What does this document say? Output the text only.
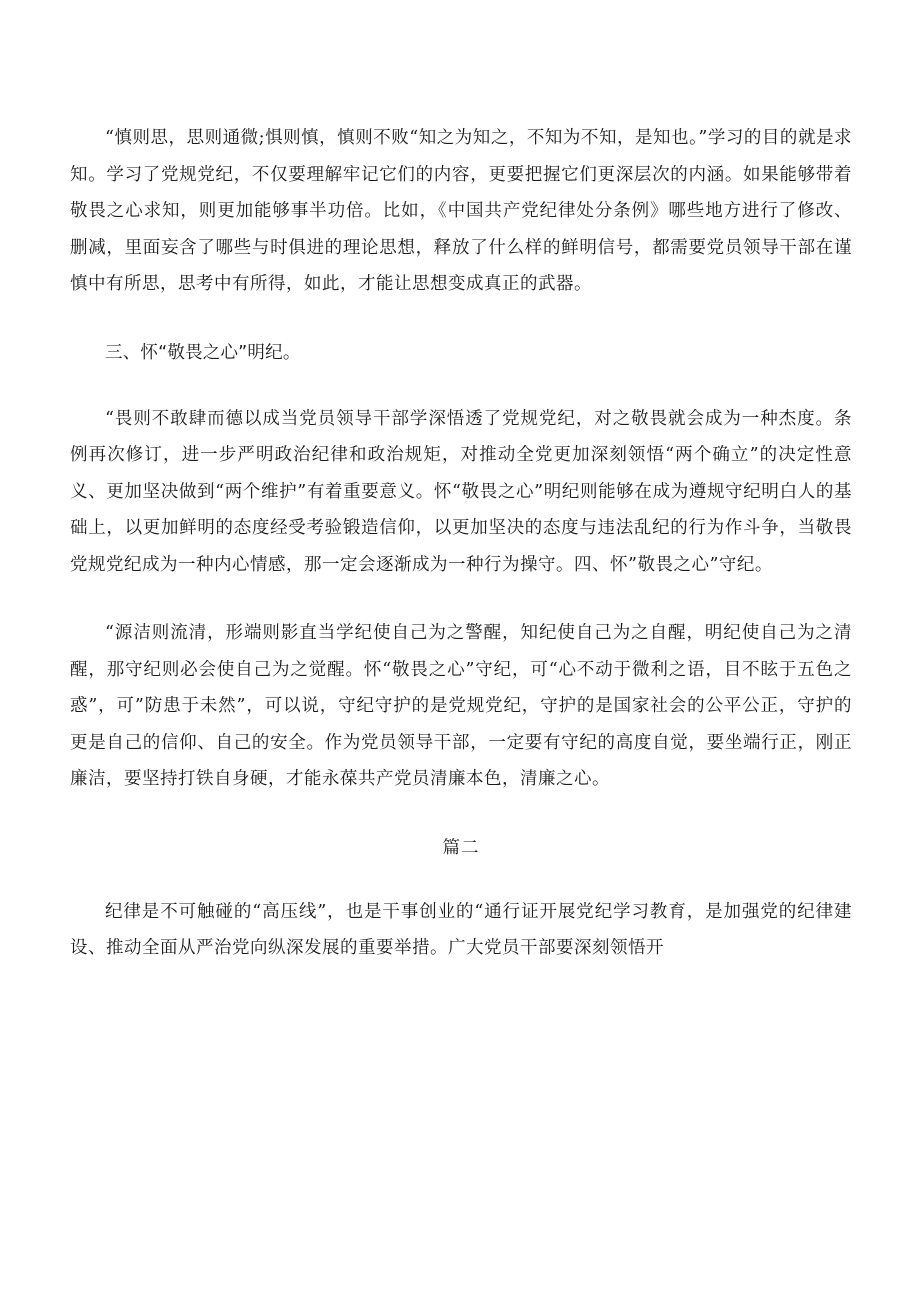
“慎则思，思则通微;惧则慎，慎则不败“知之为知之，不知为不知，是知也。”学习的目的就是求知。学习了党规党纪，不仅要理解牢记它们的内容，更要把握它们更深层次的内涵。如果能够带着敬畏之心求知，则更加能够事半功倍。比如，《中国共产党纪律处分条例》哪些地方进行了修改、删减，里面妄含了哪些与时俱进的理论思想，释放了什么样的鲜明信号，都需要党员领导干部在谨慎中有所思，思考中有所得，如此，才能让思想变成真正的武器。

三、怀“敬畏之心”明纪。

“畏则不敢肆而德以成当党员领导干部学深悟透了党规党纪，对之敬畏就会成为一种杰度。条例再次修订，进一步严明政治纪律和政治规矩，对推动全党更加深刻领悟“两个确立”的决定性意义、更加坚决做到“两个维护”有着重要意义。怀“敬畏之心”明纪则能够在成为遵规守纪明白人的基础上，以更加鲜明的态度经受考验锻造信仰，以更加坚决的态度与违法乱纪的行为作斗争，当敬畏党规党纪成为一种内心情感，那一定会逐渐成为一种行为操守。四、怀”敬畏之心”守纪。

“源洁则流清，形端则影直当学纪使自己为之警醒，知纪使自己为之自醒，明纪使自己为之清醒，那守纪则必会使自己为之觉醒。怀“敬畏之心”守纪，可“心不动于微利之语，目不眩于五色之惑”，可”防患于未然”，可以说，守纪守护的是党规党纪，守护的是国家社会的公平公正，守护的更是自己的信仰、自己的安全。作为党员领导干部，一定要有守纪的高度自觉，要坐端行正，刚正廉洁，要坚持打铁自身硬，才能永葆共产党员清廉本色，清廉之心。

篇二

纪律是不可触碰的“高压线”，也是干事创业的“通行证开展党纪学习教育，是加强党的纪律建设、推动全面从严治党向纵深发展的重要举措。广大党员干部要深刻领悟开
